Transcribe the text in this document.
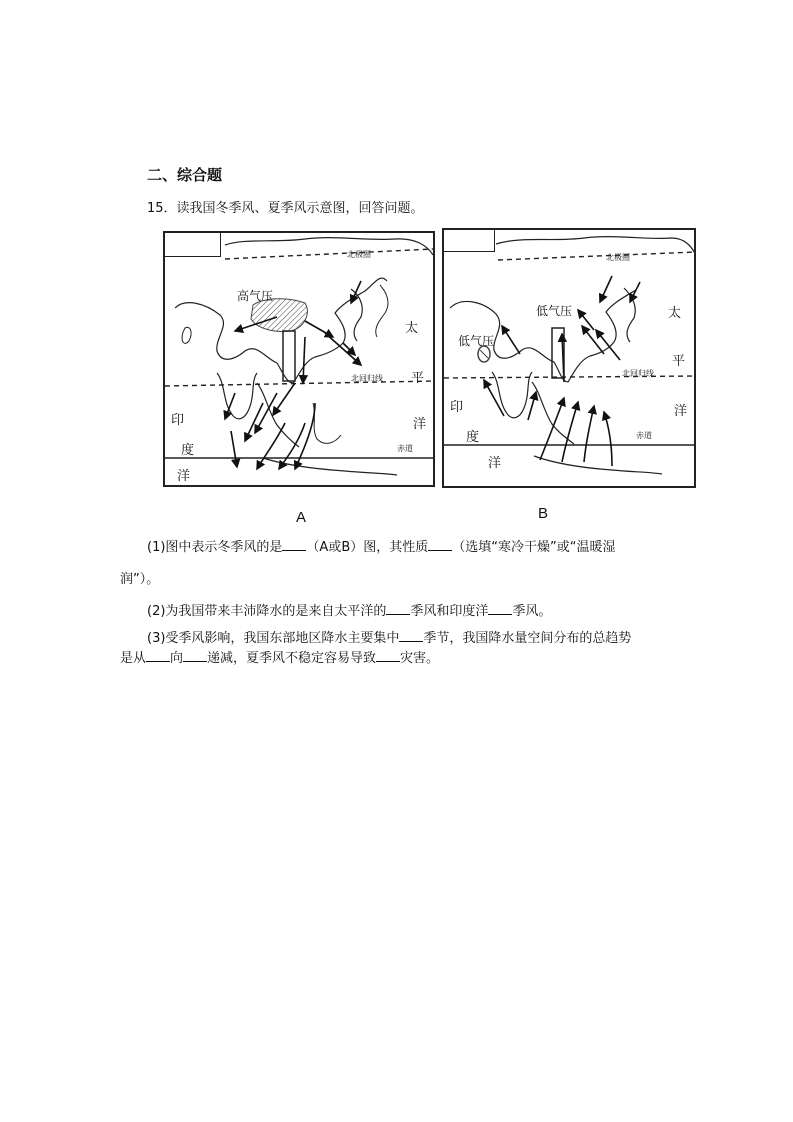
二、综合题
15．读我国冬季风、夏季风示意图，回答问题。
高气压
北极圈
北回归线
赤道
太
平
洋
印
度
洋
A
低气压
低气压
北极圈
北回归线
赤道
太
平
洋
印
度
洋
B
(1)图中表示冬季风的是 （A或B）图，其性质 （选填“寒冷干燥”或“温暖湿
润”）。
(2)为我国带来丰沛降水的是来自太平洋的 季风和印度洋 季风。
(3)受季风影响，我国东部地区降水主要集中 季节，我国降水量空间分布的总趋势
是从 向 递减，夏季风不稳定容易导致 灾害。
